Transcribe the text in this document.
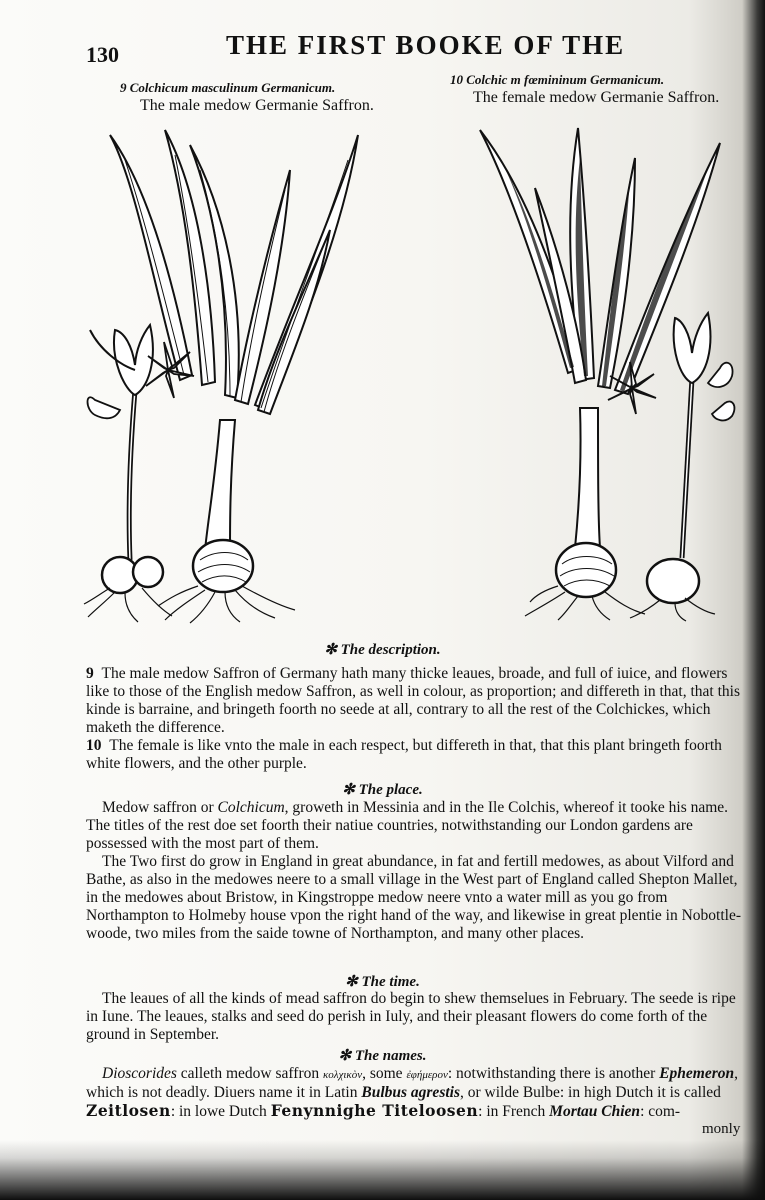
130	THE FIRST BOOKE OF THE
9 Colchicum masculinum Germanicum.
The male medow Germanie Saffron.
10 Colchic m fœmininum Germanicum.
The female medow Germanie Saffron.
✻ The description.

9 The male medow Saffron of Germany hath many thicke leaues, broade, and full of iuice, and flowers like to those of the English medow Saffron, as well in colour, as proportion; and differeth in that, that this kinde is barraine, and bringeth foorth no seede at all, contrary to all the rest of the Colchickes, which maketh the difference.

10 The female is like vnto the male in each respect, but differeth in that, that this plant bringeth foorth white flowers, and the other purple.

✻ The place.

Medow saffron or Colchicum, groweth in Messinia and in the Ile Colchis, whereof it tooke his name. The titles of the rest doe set foorth their natiue countries, notwithstanding our London gardens are possessed with the most part of them.

The Two first do grow in England in great abundance, in fat and fertill medowes, as about Vilford and Bathe, as also in the medowes neere to a small village in the West part of England called Shepton Mallet, in the medowes about Bristow, in Kingstroppe medow neere vnto a water mill as you go from Northampton to Holmeby house vpon the right hand of the way, and likewise in great plentie in Nobottle-woode, two miles from the saide towne of Northampton, and many other places.

✻ The time.
The leaues of all the kinds of mead saffron do begin to shew themselues in February. The seede is ripe in Iune. The leaues, stalks and seed do perish in Iuly, and their pleasant flowers do come forth of the ground in September.
✻ The names.
Dioscorides calleth medow saffron κολχικὸν, some ἐφήμερον: notwithstanding there is another Ephemeron, which is not deadly. Diuers name it in Latin Bulbus agrestis, or wilde Bulbe: in high Dutch it is called Zeitlosen: in lowe Dutch Fenynnighe Titeloosen: in French Mortau Chien: com-
monly
